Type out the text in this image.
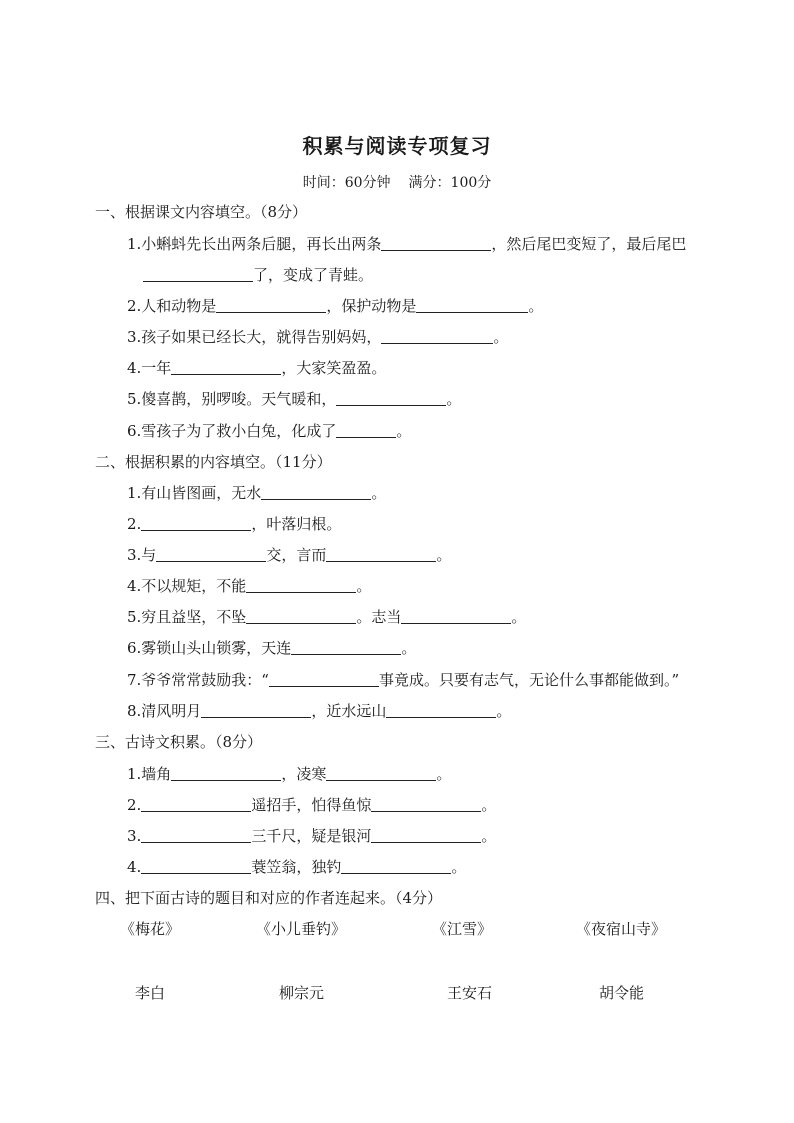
积累与阅读专项复习
时间：60分钟 满分：100分
一、根据课文内容填空。（8分）
1.小蝌蚪先长出两条后腿，再长出两条	，然后尾巴变短了，最后尾巴
了，变成了青蛙。
2.人和动物是	，保护动物是	。
3.孩子如果已经长大，就得告别妈妈，	。
4.一年	，大家笑盈盈。
5.傻喜鹊，别啰唆。天气暖和，	。
6.雪孩子为了救小白兔，化成了	。
二、根据积累的内容填空。（11分）
1.有山皆图画，无水	。
2.	，叶落归根。
3.与	交，言而	。
4.不以规矩，不能	。
5.穷且益坚，不坠	。志当	。
6.雾锁山头山锁雾，天连	。
7.爷爷常常鼓励我：“	事竟成。只要有志气，无论什么事都能做到。”
8.清风明月	，近水远山	。
三、古诗文积累。（8分）
1.墙角	，凌寒	。
2.	遥招手，怕得鱼惊	。
3.	三千尺，疑是银河	。
4.	蓑笠翁，独钓	。
四、把下面古诗的题目和对应的作者连起来。（4分）
《梅花》	《小儿垂钓》	《江雪》	《夜宿山寺》
李白	柳宗元	王安石	胡令能
